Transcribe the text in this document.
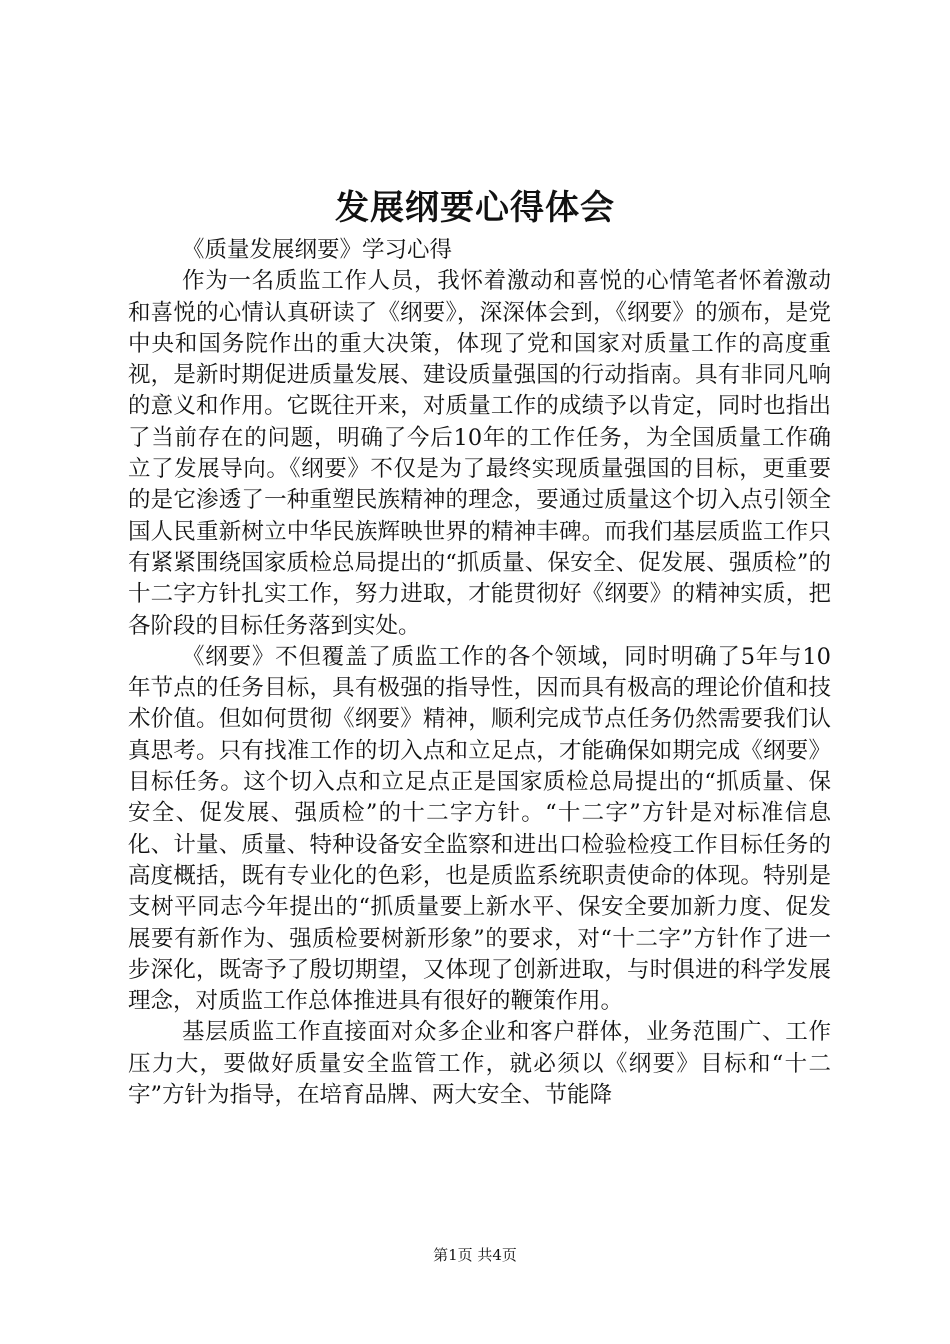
发展纲要心得体会

《质量发展纲要》学习心得

作为一名质监工作人员，我怀着激动和喜悦的心情笔者怀着激动和喜悦的心情认真研读了《纲要》，深深体会到，《纲要》的颁布，是党中央和国务院作出的重大决策，体现了党和国家对质量工作的高度重视，是新时期促进质量发展、建设质量强国的行动指南。具有非同凡响的意义和作用。它既往开来，对质量工作的成绩予以肯定，同时也指出了当前存在的问题，明确了今后10年的工作任务，为全国质量工作确立了发展导向。《纲要》不仅是为了最终实现质量强国的目标，更重要的是它渗透了一种重塑民族精神的理念，要通过质量这个切入点引领全国人民重新树立中华民族辉映世界的精神丰碑。而我们基层质监工作只有紧紧围绕国家质检总局提出的“抓质量、保安全、促发展、强质检”的十二字方针扎实工作，努力进取，才能贯彻好《纲要》的精神实质，把各阶段的目标任务落到实处。

《纲要》不但覆盖了质监工作的各个领域，同时明确了5年与10年节点的任务目标，具有极强的指导性，因而具有极高的理论价值和技术价值。但如何贯彻《纲要》精神，顺利完成节点任务仍然需要我们认真思考。只有找准工作的切入点和立足点，才能确保如期完成《纲要》目标任务。这个切入点和立足点正是国家质检总局提出的“抓质量、保安全、促发展、强质检”的十二字方针。“十二字”方针是对标准信息化、计量、质量、特种设备安全监察和进出口检验检疫工作目标任务的高度概括，既有专业化的色彩，也是质监系统职责使命的体现。特别是支树平同志今年提出的“抓质量要上新水平、保安全要加新力度、促发展要有新作为、强质检要树新形象”的要求，对“十二字”方针作了进一步深化，既寄予了殷切期望，又体现了创新进取，与时俱进的科学发展理念，对质监工作总体推进具有很好的鞭策作用。

基层质监工作直接面对众多企业和客户群体，业务范围广、工作压力大，要做好质量安全监管工作，就必须以《纲要》目标和“十二字”方针为指导，在培育品牌、两大安全、节能降

第1页 共4页
